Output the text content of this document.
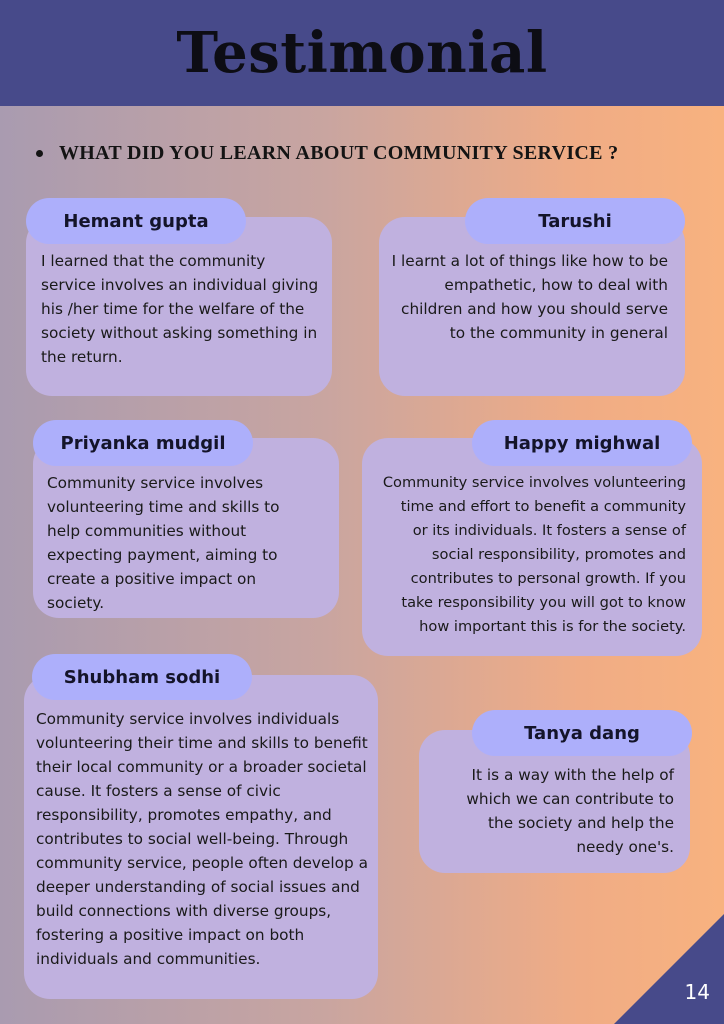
Testimonial
WHAT DID YOU LEARN ABOUT COMMUNITY SERVICE ?
I learned that the community service involves an individual giving his /her time for the welfare of the society without asking something in the return.
Hemant gupta
I learnt a lot of things like how to be empathetic, how to deal with children and how you should serve to the community in general
Tarushi
Community service involves volunteering time and skills to help communities without expecting payment, aiming to create a positive impact on society.
Priyanka mudgil
Community service involves volunteering time and effort to benefit a community or its individuals. It fosters a sense of social responsibility, promotes and contributes to personal growth. If you take responsibility you will got to know how important this is for the society.
Happy mighwal
Community service involves individuals volunteering their time and skills to benefit their local community or a broader societal cause. It fosters a sense of civic responsibility, promotes empathy, and contributes to social well-being. Through community service, people often develop a deeper understanding of social issues and build connections with diverse groups, fostering a positive impact on both individuals and communities.
Shubham sodhi
It is a way with the help of which we can contribute to the society and help the needy one's.
Tanya dang
14
